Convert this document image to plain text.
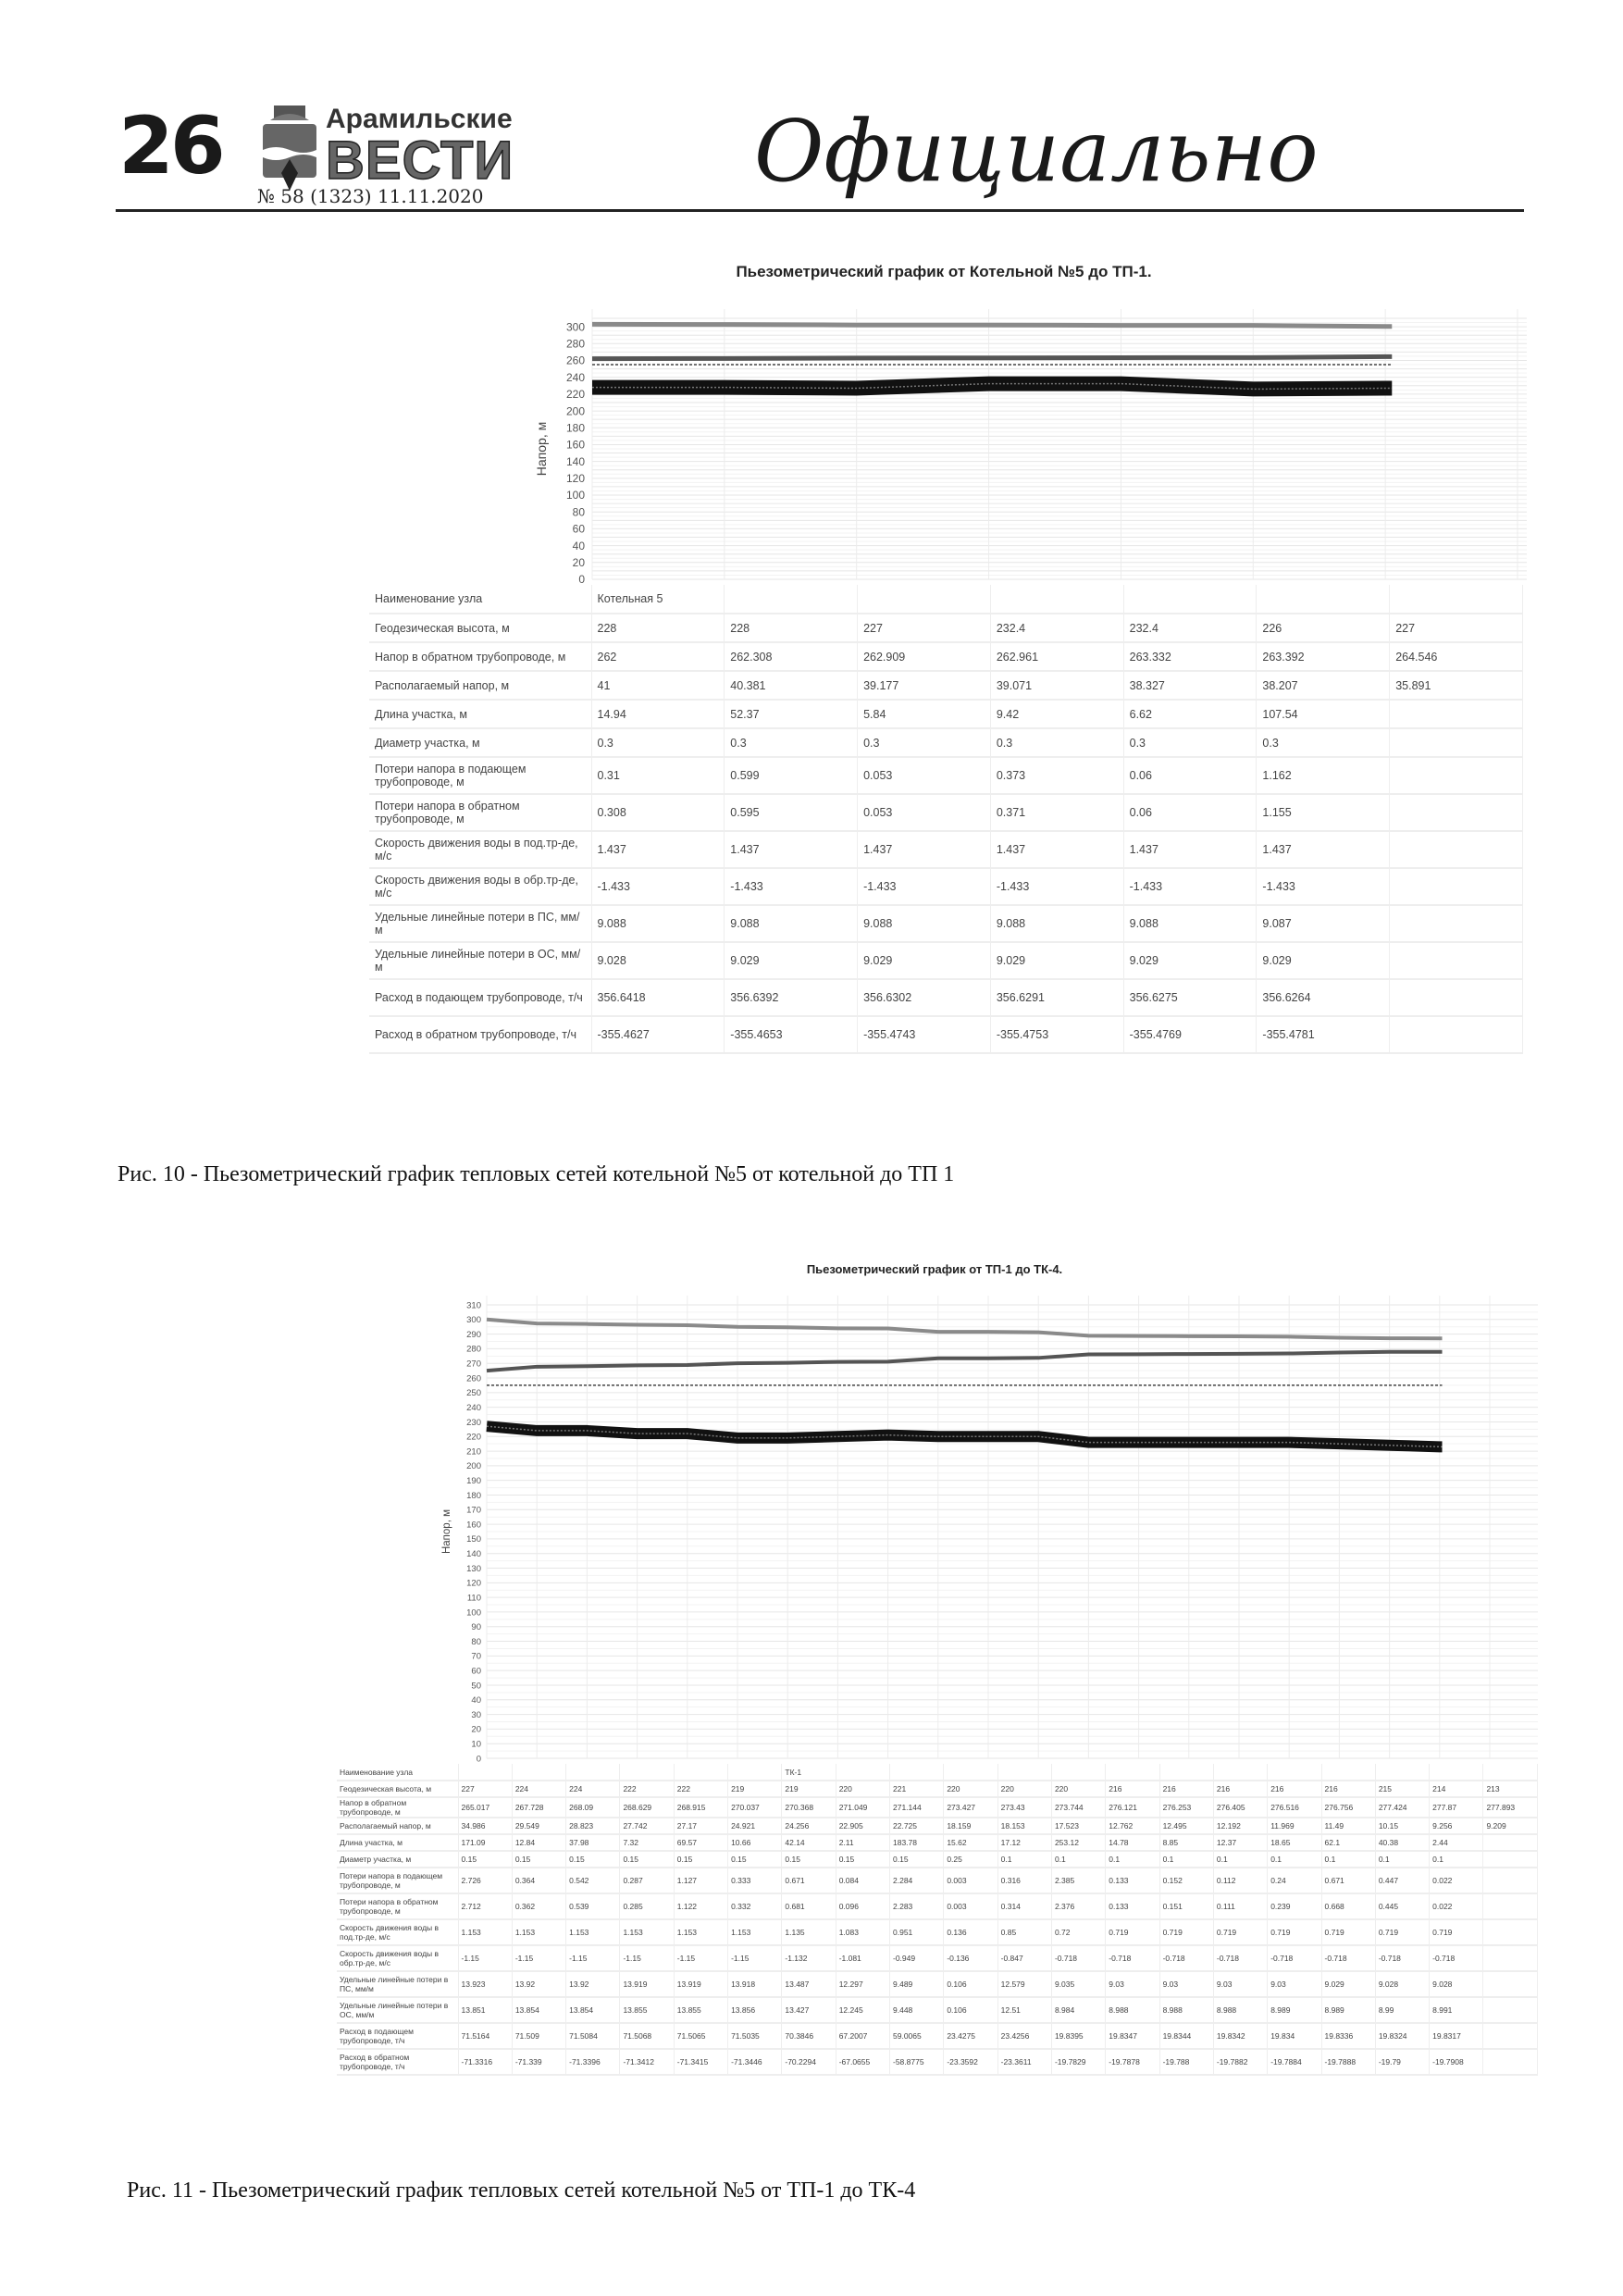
26	Арамильские
ВЕСТИ
№ 58 (1323) 11.11.2020	Официально
Пьезометрический график от Котельной №5 до ТП-1.
0
20
40
60
80
100
120
140
160
180
200
220
240
260
280
300
Напор, м
Наименование узла	Котельная 5						
Геодезическая высота, м	228	228	227	232.4	232.4	226	227
Напор в обратном трубопроводе, м	262	262.308	262.909	262.961	263.332	263.392	264.546
Располагаемый напор, м	41	40.381	39.177	39.071	38.327	38.207	35.891
Длина участка, м	14.94	52.37	5.84	9.42	6.62	107.54	
Диаметр участка, м	0.3	0.3	0.3	0.3	0.3	0.3	
Потери напора в подающем трубопроводе, м	0.31	0.599	0.053	0.373	0.06	1.162	
Потери напора в обратном трубопроводе, м	0.308	0.595	0.053	0.371	0.06	1.155	
Скорость движения воды в под.тр-де, м/с	1.437	1.437	1.437	1.437	1.437	1.437	
Скорость движения воды в обр.тр-де, м/с	-1.433	-1.433	-1.433	-1.433	-1.433	-1.433	
Удельные линейные потери в ПС, мм/м	9.088	9.088	9.088	9.088	9.088	9.087	
Удельные линейные потери в ОС, мм/м	9.028	9.029	9.029	9.029	9.029	9.029	
Расход в подающем трубопроводе, т/ч	356.6418	356.6392	356.6302	356.6291	356.6275	356.6264	
Расход в обратном трубопроводе, т/ч	-355.4627	-355.4653	-355.4743	-355.4753	-355.4769	-355.4781	
Рис. 10 - Пьезометрический график тепловых сетей котельной №5 от котельной до ТП 1
Пьезометрический график от ТП-1 до ТК-4.
0
10
20
30
40
50
60
70
80
90
100
110
120
130
140
150
160
170
180
190
200
210
220
230
240
250
260
270
280
290
300
310
Напор, м
Наименование узла							ТК-1													
Геодезическая высота, м	227	224	224	222	222	219	219	220	221	220	220	220	216	216	216	216	216	215	214	213
Напор в обратном трубопроводе, м	265.017	267.728	268.09	268.629	268.915	270.037	270.368	271.049	271.144	273.427	273.43	273.744	276.121	276.253	276.405	276.516	276.756	277.424	277.87	277.893
Располагаемый напор, м	34.986	29.549	28.823	27.742	27.17	24.921	24.256	22.905	22.725	18.159	18.153	17.523	12.762	12.495	12.192	11.969	11.49	10.15	9.256	9.209
Длина участка, м	171.09	12.84	37.98	7.32	69.57	10.66	42.14	2.11	183.78	15.62	17.12	253.12	14.78	8.85	12.37	18.65	62.1	40.38	2.44	
Диаметр участка, м	0.15	0.15	0.15	0.15	0.15	0.15	0.15	0.15	0.15	0.25	0.1	0.1	0.1	0.1	0.1	0.1	0.1	0.1	0.1	
Потери напора в подающем трубопроводе, м	2.726	0.364	0.542	0.287	1.127	0.333	0.671	0.084	2.284	0.003	0.316	2.385	0.133	0.152	0.112	0.24	0.671	0.447	0.022	
Потери напора в обратном трубопроводе, м	2.712	0.362	0.539	0.285	1.122	0.332	0.681	0.096	2.283	0.003	0.314	2.376	0.133	0.151	0.111	0.239	0.668	0.445	0.022	
Скорость движения воды в под.тр-де, м/с	1.153	1.153	1.153	1.153	1.153	1.153	1.135	1.083	0.951	0.136	0.85	0.72	0.719	0.719	0.719	0.719	0.719	0.719	0.719	
Скорость движения воды в обр.тр-де, м/с	-1.15	-1.15	-1.15	-1.15	-1.15	-1.15	-1.132	-1.081	-0.949	-0.136	-0.847	-0.718	-0.718	-0.718	-0.718	-0.718	-0.718	-0.718	-0.718	
Удельные линейные потери в ПС, мм/м	13.923	13.92	13.92	13.919	13.919	13.918	13.487	12.297	9.489	0.106	12.579	9.035	9.03	9.03	9.03	9.03	9.029	9.028	9.028	
Удельные линейные потери в ОС, мм/м	13.851	13.854	13.854	13.855	13.855	13.856	13.427	12.245	9.448	0.106	12.51	8.984	8.988	8.988	8.988	8.989	8.989	8.99	8.991	
Расход в подающем трубопроводе, т/ч	71.5164	71.509	71.5084	71.5068	71.5065	71.5035	70.3846	67.2007	59.0065	23.4275	23.4256	19.8395	19.8347	19.8344	19.8342	19.834	19.8336	19.8324	19.8317	
Расход в обратном трубопроводе, т/ч	-71.3316	-71.339	-71.3396	-71.3412	-71.3415	-71.3446	-70.2294	-67.0655	-58.8775	-23.3592	-23.3611	-19.7829	-19.7878	-19.788	-19.7882	-19.7884	-19.7888	-19.79	-19.7908	
Рис. 11 - Пьезометрический график тепловых сетей котельной №5 от ТП-1 до ТК-4
